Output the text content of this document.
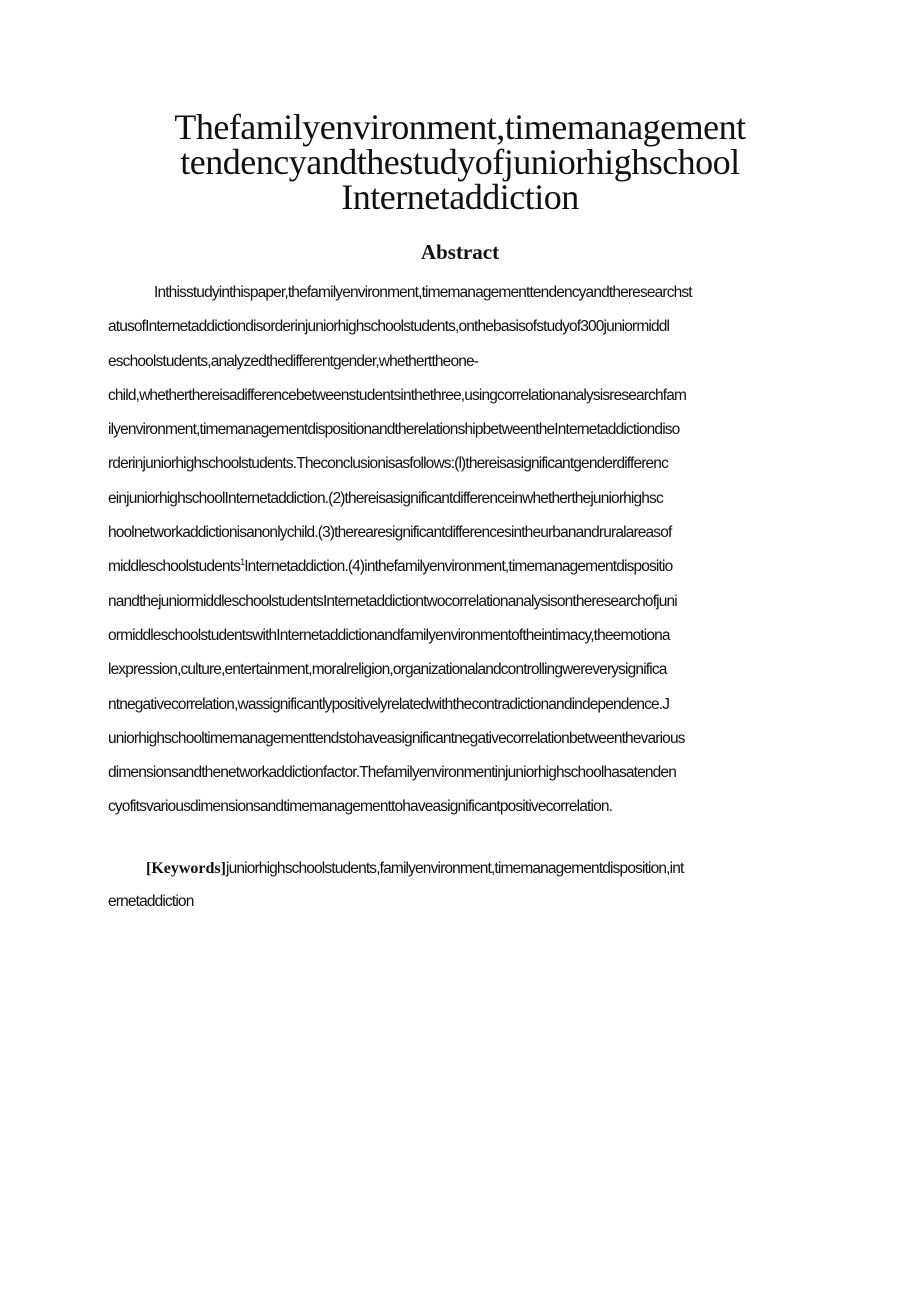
Thefamilyenvironment,timemanagement
tendencyandthestudyofjuniorhighschool
Internetaddiction
Abstract
Inthisstudyinthispaper,thefamilyenvironment,timemanagementtendencyandtheresearchst
atusofInternetaddictiondisorderinjuniorhighschoolstudents,onthebasisofstudyof300juniormiddl
eschoolstudents,analyzedthedifferentgender,whetherttheone-
child,whetherthereisadifferencebetweenstudentsinthethree,usingcorrelationanalysisresearchfam
ilyenvironment,timemanagementdispositionandtherelationshipbetweentheInternetaddictiondiso
rderinjuniorhighschoolstudents.Theconclusionisasfollows:(l)thereisasignificantgenderdifferenc
einjuniorhighschoolInternetaddiction.(2)thereisasignificantdifferenceinwhetherthejuniorhighsc
hoolnetworkaddictionisanonlychild.(3)therearesignificantdifferencesintheurbanandruralareasof
middleschoolstudents$^1$Internetaddiction.(4)inthefamilyenvironment,timemanagementdispositio
nandthejuniormiddleschoolstudentsInternetaddictiontwocorrelationanalysisontheresearchofjuni
ormiddleschoolstudentswithInternetaddictionandfamilyenvironmentoftheintimacy,theemotiona
lexpression,culture,entertainment,moralreligion,organizationalandcontrollingwereverysignifica
ntnegativecorrelation,wassignificantlypositivelyrelatedwiththecontradictionandindependence.J
uniorhighschooltimemanagementtendstohaveasignificantnegativecorrelationbetweenthevarious
dimensionsandthenetworkaddictionfactor.Thefamilyenvironmentinjuniorhighschoolhasatenden
cyofitsvariousdimensionsandtimemanagementtohaveasignificantpositivecorrelation.
[Keywords]juniorhighschoolstudents,familyenvironment,timemanagementdisposition,int
ernetaddiction
